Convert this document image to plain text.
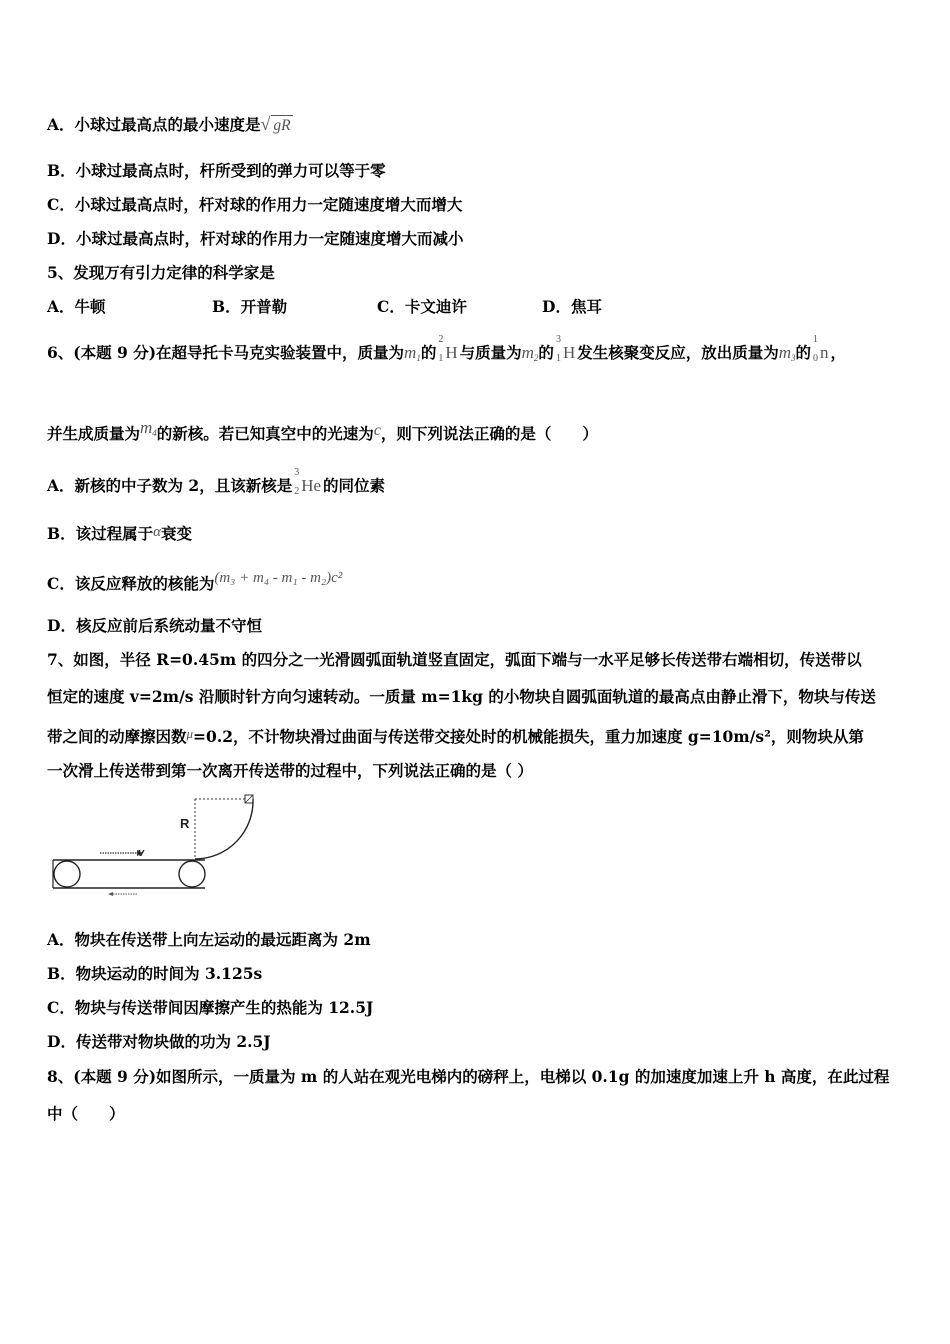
A．小球过最高点的最小速度是√ gR
B．小球过最高点时，杆所受到的弹力可以等于零
C．小球过最高点时，杆对球的作用力一定随速度增大而增大
D．小球过最高点时，杆对球的作用力一定随速度增大而减小
5、发现万有引力定律的科学家是
A．牛顿	B．开普勒	C．卡文迪许	D．焦耳
6、(本题 9 分)在超导托卡马克实验装置中，质量为m1的
2
1 H 与质量为m2的
3
1 H 发生核聚变反应，放出质量为m3的
1
0 n ，
并生成质量为m4的新核。若已知真空中的光速为c，则下列说法正确的是（　　）
A．新核的中子数为 2，且该新核是
3
2 He 的同位素
B．该过程属于α衰变
C．该反应释放的核能为(m₃ + m₄ - m₁ - m₂)c²
D．核反应前后系统动量不守恒
7、如图，半径 R=0.45m 的四分之一光滑圆弧面轨道竖直固定，弧面下端与一水平足够长传送带右端相切，传送带以
恒定的速度 v=2m/s 沿顺时针方向匀速转动。一质量 m=1kg 的小物块自圆弧面轨道的最高点由静止滑下，物块与传送
带之间的动摩擦因数$^\mu$=0.2，不计物块滑过曲面与传送带交接处时的机械能损失，重力加速度 g=10m/s²，则物块从第
一次滑上传送带到第一次离开传送带的过程中，下列说法正确的是（ ）
R
v
A．物块在传送带上向左运动的最远距离为 2m
B．物块运动的时间为 3.125s
C．物块与传送带间因摩擦产生的热能为 12.5J
D．传送带对物块做的功为 2.5J
8、(本题 9 分)如图所示，一质量为 m 的人站在观光电梯内的磅秤上，电梯以 0.1g 的加速度加速上升 h 高度，在此过程
中（　　）
